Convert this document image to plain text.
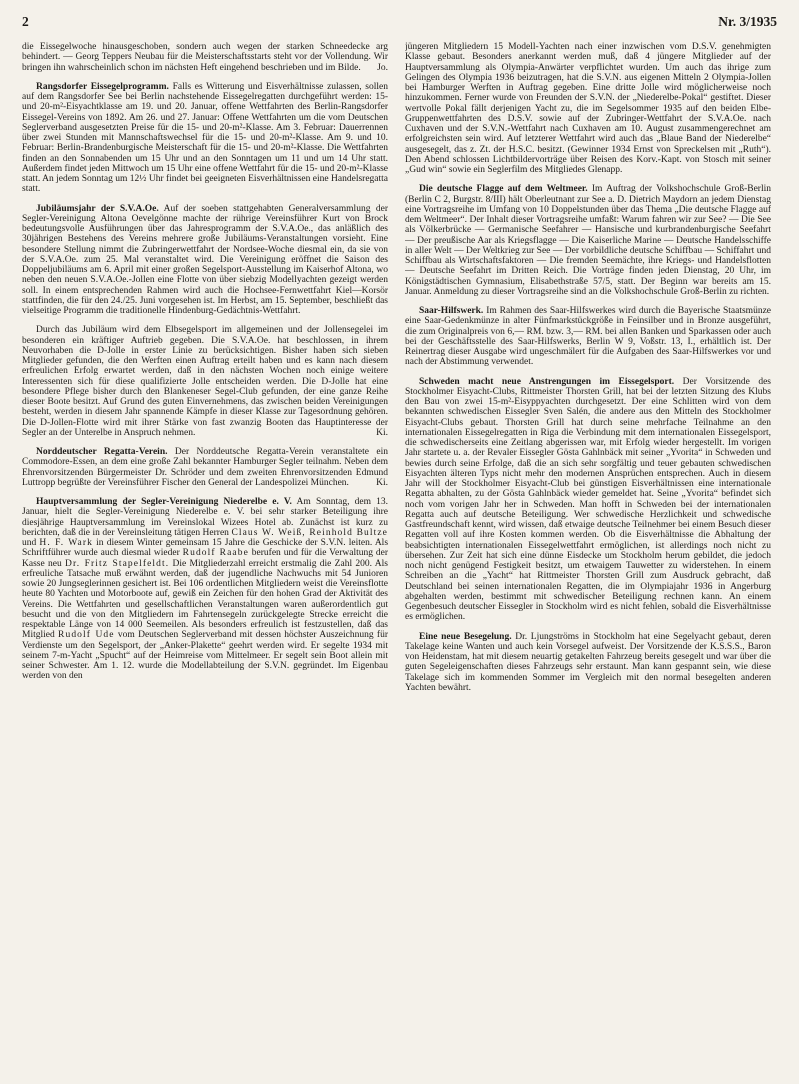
2	Nr. 3/1935

die Eissegelwoche hinausgeschoben, sondern auch wegen der starken Schneedecke arg behindert. — Georg Teppers Neubau für die Meisterschaftsstarts steht vor der Vollendung. Wir bringen ihn wahrscheinlich schon im nächsten Heft eingehend beschrieben und im Bilde.	Jo.

Rangsdorfer Eissegelprogramm. Falls es Witterung und Eisverhältnisse zulassen, sollen auf dem Rangsdorfer See bei Berlin nachstehende Eissegelregatten durchgeführt werden: 15- und 20-m²-Eisyachtklasse am 19. und 20. Januar, offene Wettfahrten des Berlin-Rangsdorfer Eissegel-Vereins von 1892. Am 26. und 27. Januar: Offene Wettfahrten um die vom Deutschen Seglerverband ausgesetzten Preise für die 15- und 20-m²-Klasse. Am 3. Februar: Dauerrennen über zwei Stunden mit Mannschaftswechsel für die 15- und 20-m²-Klasse. Am 9. und 10. Februar: Berlin-Brandenburgische Meisterschaft für die 15- und 20-m²-Klasse. Die Wettfahrten finden an den Sonnabenden um 15 Uhr und an den Sonntagen um 11 und um 14 Uhr statt. Außerdem findet jeden Mittwoch um 15 Uhr eine offene Wettfahrt für die 15- und 20-m²-Klasse statt. An jedem Sonntag um 12½ Uhr findet bei geeigneten Eisverhältnissen eine Handelsregatta statt.

Jubiläumsjahr der S.V.A.Oe. Auf der soeben stattgehabten Generalversammlung der Segler-Vereinigung Altona Oevelgönne machte der rührige Vereinsführer Kurt von Brock bedeutungsvolle Ausführungen über das Jahresprogramm der S.V.A.Oe., das anläßlich des 30jährigen Bestehens des Vereins mehrere große Jubiläums-Veranstaltungen vorsieht. Eine besondere Stellung nimmt die Zubringerwettfahrt der Nordsee-Woche diesmal ein, da sie von der S.V.A.Oe. zum 25. Mal veranstaltet wird. Die Vereinigung eröffnet die Saison des Doppeljubiläums am 6. April mit einer großen Segelsport-Ausstellung im Kaiserhof Altona, wo neben den neuen S.V.A.Oe.-Jollen eine Flotte von über siebzig Modellyachten gezeigt werden soll. In einem entsprechenden Rahmen wird auch die Hochsee-Fernwettfahrt Kiel—Korsör stattfinden, die für den 24./25. Juni vorgesehen ist. Im Herbst, am 15. September, beschließt das vielseitige Programm die traditionelle Hindenburg-Gedächtnis-Wettfahrt.

Durch das Jubiläum wird dem Elbsegelsport im allgemeinen und der Jollensegelei im besonderen ein kräftiger Auftrieb gegeben. Die S.V.A.Oe. hat beschlossen, in ihrem Neuvorhaben die D-Jolle in erster Linie zu berücksichtigen. Bisher haben sich sieben Mitglieder gefunden, die den Werften einen Auftrag erteilt haben und es kann nach diesem erfreulichen Erfolg erwartet werden, daß in den nächsten Wochen noch einige weitere Interessenten sich für diese qualifizierte Jolle entscheiden werden. Die D-Jolle hat eine besondere Pflege bisher durch den Blankeneser Segel-Club gefunden, der eine ganze Reihe dieser Boote besitzt. Auf Grund des guten Einvernehmens, das zwischen beiden Vereinigungen besteht, werden in diesem Jahr spannende Kämpfe in dieser Klasse zur Tagesordnung gehören. Die D-Jollen-Flotte wird mit ihrer Stärke von fast zwanzig Booten das Hauptinteresse der Segler an der Unterelbe in Anspruch nehmen.	Ki.

Norddeutscher Regatta-Verein. Der Norddeutsche Regatta-Verein veranstaltete ein Commodore-Essen, an dem eine große Zahl bekannter Hamburger Segler teilnahm. Neben dem Ehrenvorsitzenden Bürgermeister Dr. Schröder und dem zweiten Ehrenvorsitzenden Edmund Luttropp begrüßte der Vereinsführer Fischer den General der Landespolizei München.	Ki.

Hauptversammlung der Segler-Vereinigung Niederelbe e. V. Am Sonntag, dem 13. Januar, hielt die Segler-Vereinigung Niederelbe e. V. bei sehr starker Beteiligung ihre diesjährige Hauptversammlung im Vereinslokal Wizees Hotel ab. Zunächst ist kurz zu berichten, daß die in der Vereinsleitung tätigen Herren Claus W. Weiß, Reinhold Bultze und H. F. Wark in diesem Winter gemeinsam 15 Jahre die Geschicke der S.V.N. leiten. Als Schriftführer wurde auch diesmal wieder Rudolf Raabe berufen und für die Verwaltung der Kasse neu Dr. Fritz Stapelfeldt. Die Mitgliederzahl erreicht erstmalig die Zahl 200. Als erfreuliche Tatsache muß erwähnt werden, daß der jugendliche Nachwuchs mit 54 Junioren sowie 20 Jungseglerinnen gesichert ist. Bei 106 ordentlichen Mitgliedern weist die Vereinsflotte heute 80 Yachten und Motorboote auf, gewiß ein Zeichen für den hohen Grad der Aktivität des Vereins. Die Wettfahrten und gesellschaftlichen Veranstaltungen waren außerordentlich gut besucht und die von den Mitgliedern im Fahrtensegeln zurückgelegte Strecke erreicht die respektable Länge von 14 000 Seemeilen. Als besonders erfreulich ist festzustellen, daß das Mitglied Rudolf Ude vom Deutschen Seglerverband mit dessen höchster Auszeichnung für Verdienste um den Segelsport, der „Anker-Plakette“ geehrt werden wird. Er segelte 1934 mit seinem 7-m-Yacht „Spucht“ auf der Heimreise vom Mittelmeer. Er segelt sein Boot allein mit seiner Schwester. Am 1. 12. wurde die Modellabteilung der S.V.N. gegründet. Im Eigenbau werden von den

jüngeren Mitgliedern 15 Modell-Yachten nach einer inzwischen vom D.S.V. genehmigten Klasse gebaut. Besonders anerkannt werden muß, daß 4 jüngere Mitglieder auf der Hauptversammlung als Olympia-Anwärter verpflichtet wurden. Um auch das ihrige zum Gelingen des Olympia 1936 beizutragen, hat die S.V.N. aus eigenen Mitteln 2 Olympia-Jollen bei Hamburger Werften in Auftrag gegeben. Eine dritte Jolle wird möglicherweise noch hinzukommen. Ferner wurde von Freunden der S.V.N. der „Niederelbe-Pokal“ gestiftet. Dieser wertvolle Pokal fällt derjenigen Yacht zu, die im Segelsommer 1935 auf den beiden Elbe-Gruppenwettfahrten des D.S.V. sowie auf der Zubringer-Wettfahrt der S.V.A.Oe. nach Cuxhaven und der S.V.N.-Wettfahrt nach Cuxhaven am 10. August zusammengerechnet am erfolgreichsten sein wird. Auf letzterer Wettfahrt wird auch das „Blaue Band der Niederelbe“ ausgesegelt, das z. Zt. der H.S.C. besitzt. (Gewinner 1934 Ernst von Spreckelsen mit „Ruth“). Den Abend schlossen Lichtbildervorträge über Reisen des Korv.-Kapt. von Stosch mit seiner „Gud win“ sowie ein Seglerfilm des Mitgliedes Glenapp.

Die deutsche Flagge auf dem Weltmeer. Im Auftrag der Volkshochschule Groß-Berlin (Berlin C 2, Burgstr. 8/III) hält Oberleutnant zur See a. D. Dietrich Maydorn an jedem Dienstag eine Vortragsreihe im Umfang von 10 Doppelstunden über das Thema „Die deutsche Flagge auf dem Weltmeer“. Der Inhalt dieser Vortragsreihe umfaßt: Warum fahren wir zur See? — Die See als Völkerbrücke — Germanische Seefahrer — Hansische und kurbrandenburgische Seefahrt — Der preußische Aar als Kriegsflagge — Die Kaiserliche Marine — Deutsche Handelsschiffe in aller Welt — Der Weltkrieg zur See — Der vorbildliche deutsche Schiffbau — Schiffahrt und Schiffbau als Wirtschaftsfaktoren — Die fremden Seemächte, ihre Kriegs- und Handelsflotten — Deutsche Seefahrt im Dritten Reich. Die Vorträge finden jeden Dienstag, 20 Uhr, im Königstädtischen Gymnasium, Elisabethstraße 57/5, statt. Der Beginn war bereits am 15. Januar. Anmeldung zu dieser Vortragsreihe sind an die Volkshochschule Groß-Berlin zu richten.

Saar-Hilfswerk. Im Rahmen des Saar-Hilfswerkes wird durch die Bayerische Staatsmünze eine Saar-Gedenkmünze in alter Fünfmarkstückgröße in Feinsilber und in Bronze ausgeführt, die zum Originalpreis von 6,— RM. bzw. 3,— RM. bei allen Banken und Sparkassen oder auch bei der Geschäftsstelle des Saar-Hilfswerks, Berlin W 9, Voßstr. 13, I., erhältlich ist. Der Reinertrag dieser Ausgabe wird ungeschmälert für die Aufgaben des Saar-Hilfswerkes vor und nach der Abstimmung verwendet.

Schweden macht neue Anstrengungen im Eissegelsport. Der Vorsitzende des Stockholmer Eisyacht-Clubs, Rittmeister Thorsten Grill, hat bei der letzten Sitzung des Klubs den Bau von zwei 15-m²-Eisyppyachten durchgesetzt. Der eine Schlitten wird von dem bekannten schwedischen Eissegler Sven Salén, die andere aus den Mitteln des Stockholmer Eisyacht-Clubs gebaut. Thorsten Grill hat durch seine mehrfache Teilnahme an den internationalen Eissegelregatten in Riga die Verbindung mit dem internationalen Eissegelsport, die schwedischerseits eine Zeitlang abgerissen war, mit Erfolg wieder hergestellt. Im vorigen Jahr startete u. a. der Revaler Eissegler Gösta Gahlnbäck mit seiner „Yvorita“ in Schweden und bewies durch seine Erfolge, daß die an sich sehr sorgfältig und teuer gebauten schwedischen Eisyachten älteren Typs nicht mehr den modernen Ansprüchen entsprechen. Auch in diesem Jahr will der Stockholmer Eisyacht-Club bei günstigen Eisverhältnissen eine internationale Regatta abhalten, zu der Gösta Gahlnbäck wieder gemeldet hat. Seine „Yvorita“ befindet sich noch vom vorigen Jahr her in Schweden. Man hofft in Schweden bei der internationalen Regatta auch auf deutsche Beteiligung. Wer schwedische Herzlichkeit und schwedische Gastfreundschaft kennt, wird wissen, daß etwaige deutsche Teilnehmer bei einem Besuch dieser Regatten voll auf ihre Kosten kommen werden. Ob die Eisverhältnisse die Abhaltung der beabsichtigten internationalen Eissegelwettfahrt ermöglichen, ist allerdings noch nicht zu übersehen. Zur Zeit hat sich eine dünne Eisdecke um Stockholm herum gebildet, die jedoch noch nicht genügend Festigkeit besitzt, um etwaigem Tauwetter zu widerstehen. In einem Schreiben an die „Yacht“ hat Rittmeister Thorsten Grill zum Ausdruck gebracht, daß Deutschland bei seinen internationalen Regatten, die im Olympiajahr 1936 in Angerburg abgehalten werden, bestimmt mit schwedischer Beteiligung rechnen kann. An einem Gegenbesuch deutscher Eissegler in Stockholm wird es nicht fehlen, sobald die Eisverhältnisse es ermöglichen.

Eine neue Besegelung. Dr. Ljungströms in Stockholm hat eine Segelyacht gebaut, deren Takelage keine Wanten und auch kein Vorsegel aufweist. Der Vorsitzende der K.S.S.S., Baron von Heidenstam, hat mit diesem neuartig getakelten Fahrzeug bereits gesegelt und war über die guten Segeleigenschaften dieses Fahrzeugs sehr erstaunt. Man kann gespannt sein, wie diese Takelage sich im kommenden Sommer im Vergleich mit den normal besegelten anderen Yachten bewährt.
